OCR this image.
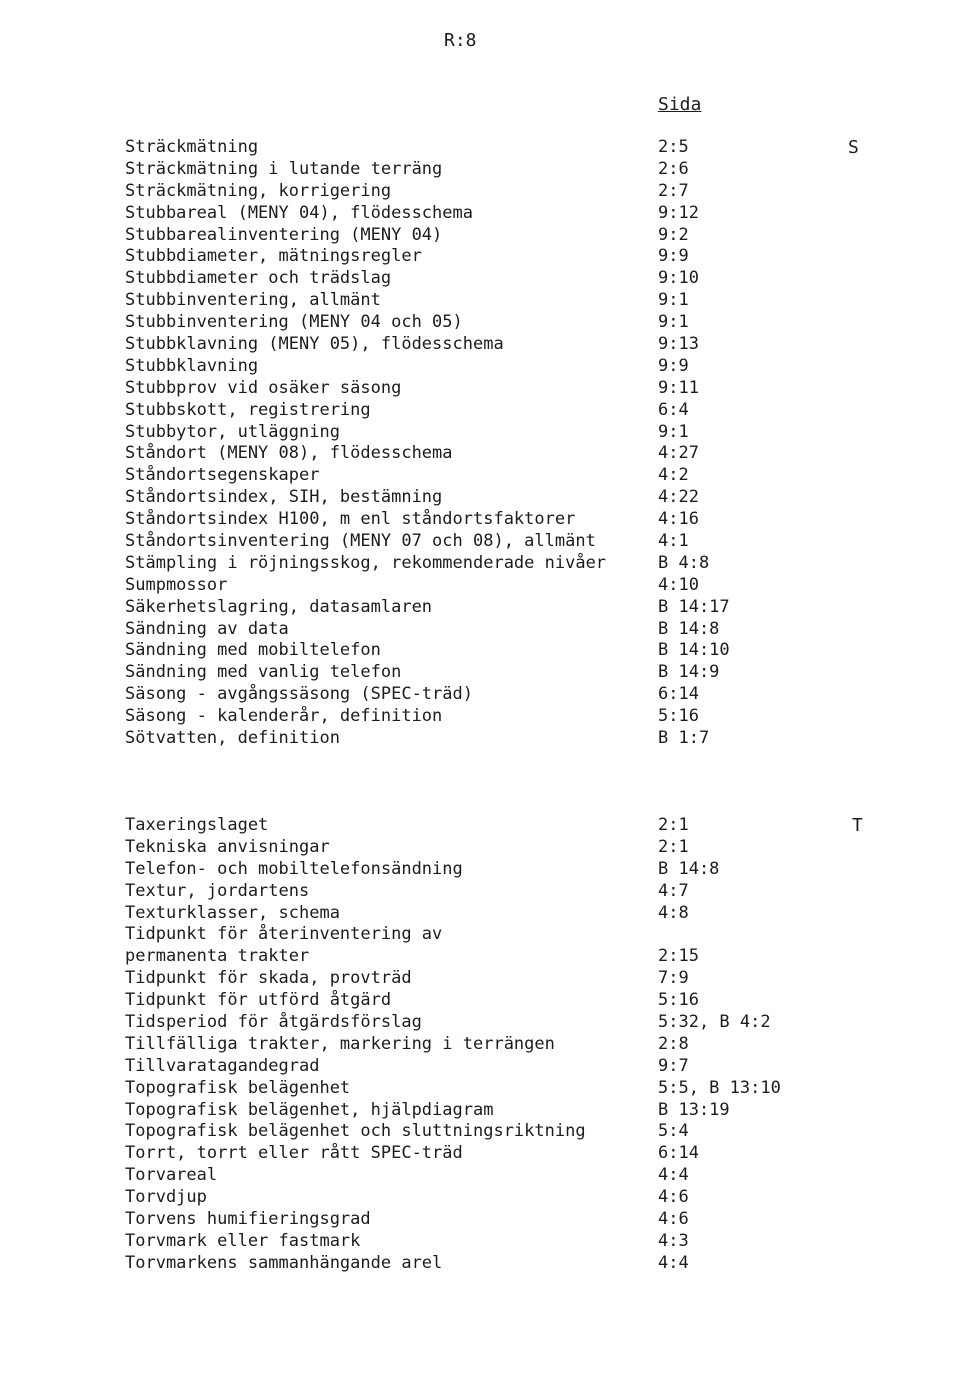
R:8
Sida
S
Sträckmätning	2:5
Sträckmätning i lutande terräng	2:6
Sträckmätning, korrigering	2:7
Stubbareal (MENY 04), flödesschema	9:12
Stubbarealinventering (MENY 04)	9:2
Stubbdiameter, mätningsregler	9:9
Stubbdiameter och trädslag	9:10
Stubbinventering, allmänt	9:1
Stubbinventering (MENY 04 och 05)	9:1
Stubbklavning (MENY 05), flödesschema	9:13
Stubbklavning	9:9
Stubbprov vid osäker säsong	9:11
Stubbskott, registrering	6:4
Stubbytor, utläggning	9:1
Ståndort (MENY 08), flödesschema	4:27
Ståndortsegenskaper	4:2
Ståndortsindex, SIH, bestämning	4:22
Ståndortsindex H100, m enl ståndortsfaktorer	4:16
Ståndortsinventering (MENY 07 och 08), allmänt	4:1
Stämpling i röjningsskog, rekommenderade nivåer	B 4:8
Sumpmossor	4:10
Säkerhetslagring, datasamlaren	B 14:17
Sändning av data	B 14:8
Sändning med mobiltelefon	B 14:10
Sändning med vanlig telefon	B 14:9
Säsong - avgångssäsong (SPEC-träd)	6:14
Säsong - kalenderår, definition	5:16
Sötvatten, definition	B 1:7
T
Taxeringslaget	2:1
Tekniska anvisningar	2:1
Telefon- och mobiltelefonsändning	B 14:8
Textur, jordartens	4:7
Texturklasser, schema	4:8
Tidpunkt för återinventering av
permanenta trakter	2:15
Tidpunkt för skada, provträd	7:9
Tidpunkt för utförd åtgärd	5:16
Tidsperiod för åtgärdsförslag	5:32, B 4:2
Tillfälliga trakter, markering i terrängen	2:8
Tillvaratagandegrad	9:7
Topografisk belägenhet	5:5, B 13:10
Topografisk belägenhet, hjälpdiagram	B 13:19
Topografisk belägenhet och sluttningsriktning	5:4
Torrt, torrt eller rått SPEC-träd	6:14
Torvareal	4:4
Torvdjup	4:6
Torvens humifieringsgrad	4:6
Torvmark eller fastmark	4:3
Torvmarkens sammanhängande arel	4:4
